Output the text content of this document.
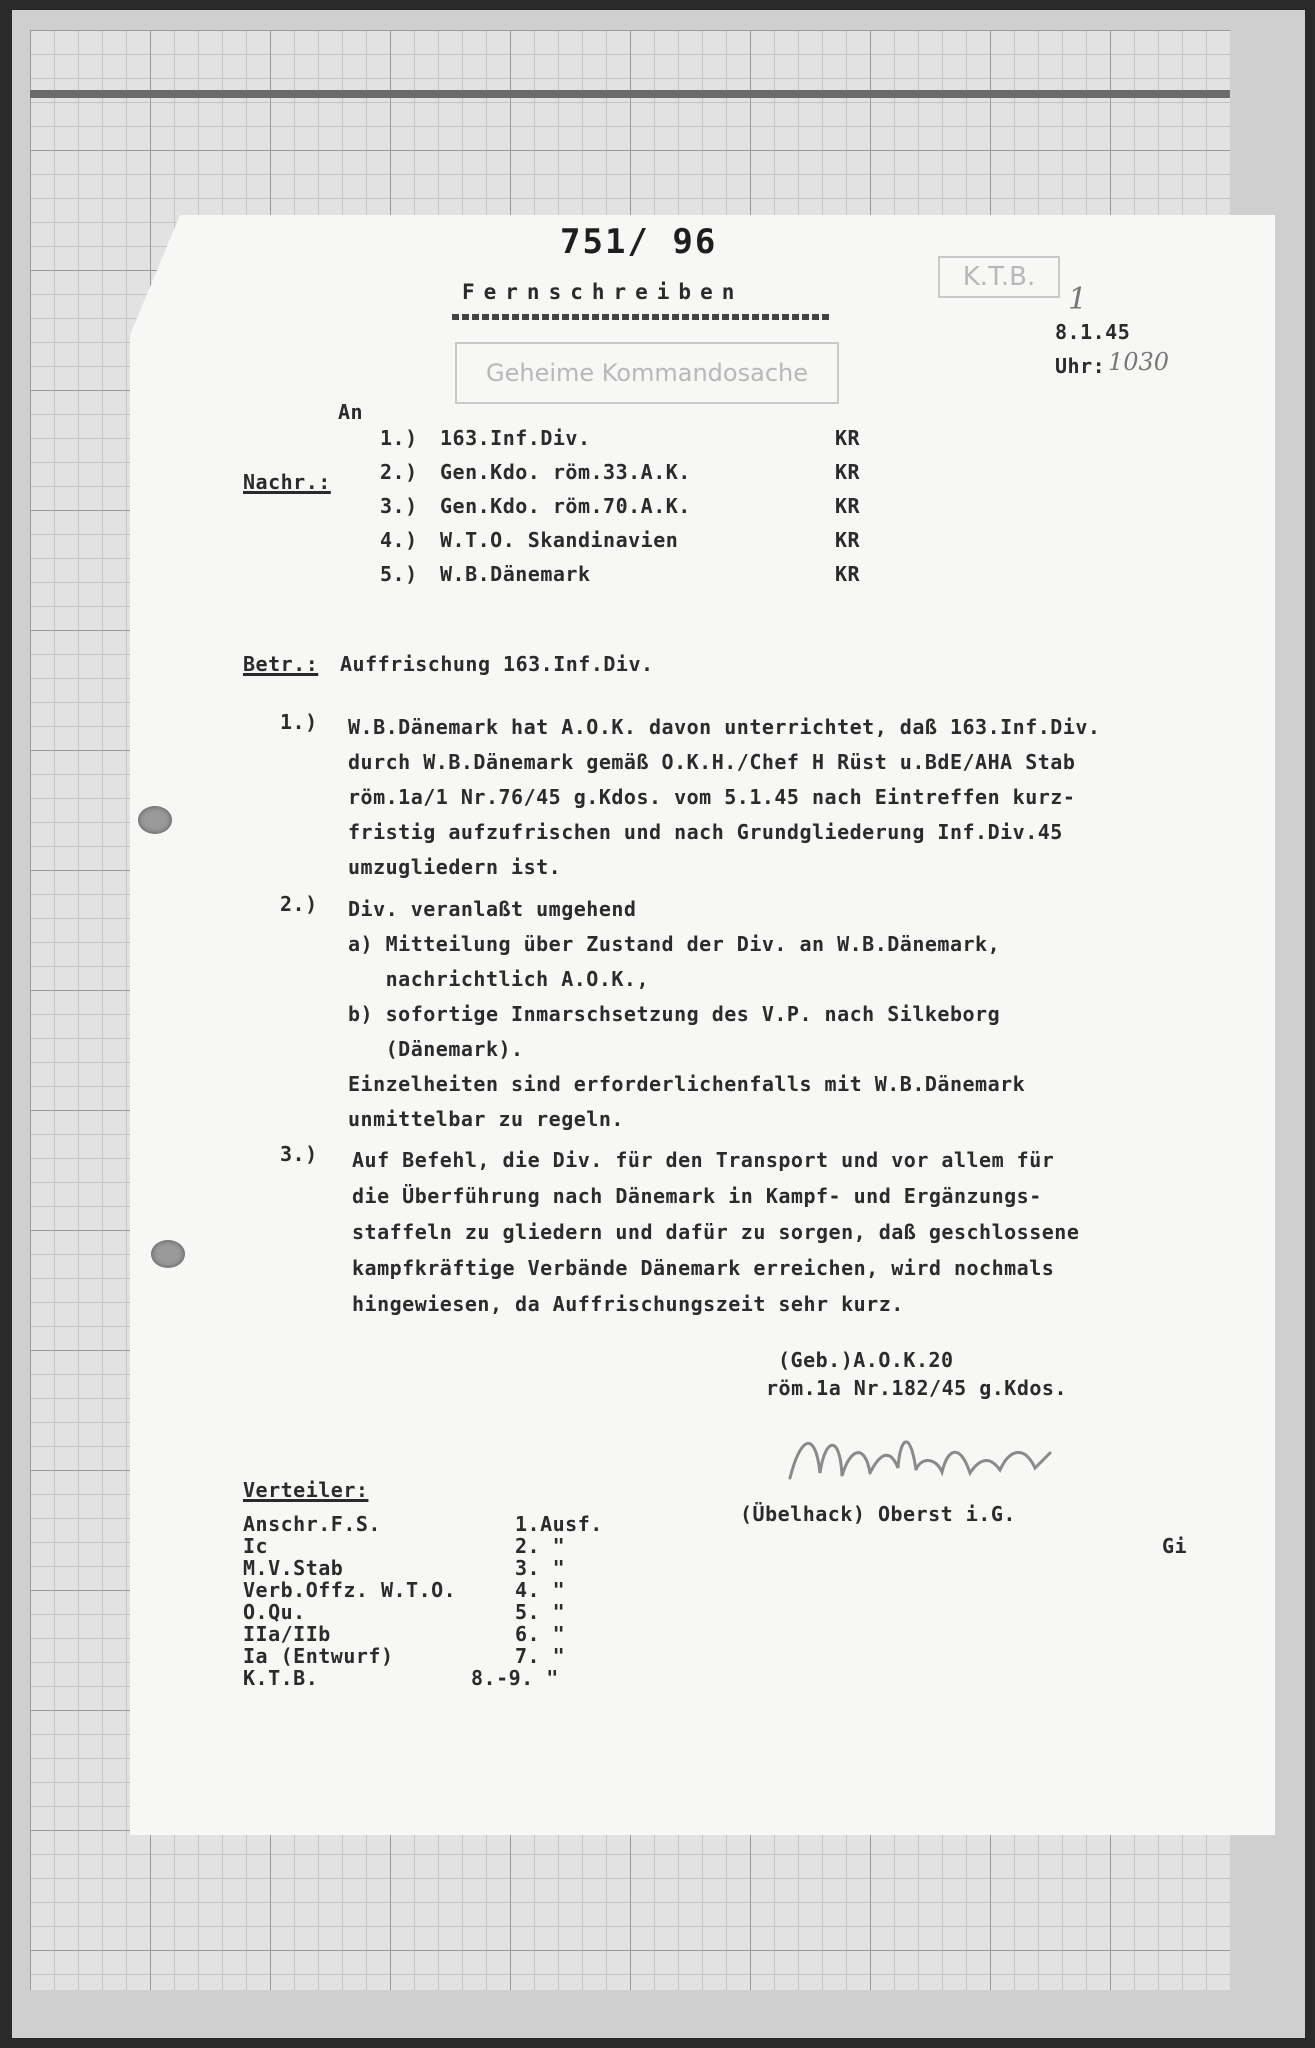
751/ 96
Fernschreiben	K.T.B.
Geheime Kommandosache
1
8.1.45
Uhr: 1030
An
Nachr.:
1.) 163.Inf.Div.	KR
2.) Gen.Kdo. röm.33.A.K.	KR
3.) Gen.Kdo. röm.70.A.K.	KR
4.) W.T.O. Skandinavien	KR
5.) W.B.Dänemark	KR
Betr.: Auffrischung 163.Inf.Div.
1.) W.B.Dänemark hat A.O.K. davon unterrichtet, daß 163.Inf.Div.
durch W.B.Dänemark gemäß O.K.H./Chef H Rüst u.BdE/AHA Stab
röm.1a/1 Nr.76/45 g.Kdos. vom 5.1.45 nach Eintreffen kurz-
fristig aufzufrischen und nach Grundgliederung Inf.Div.45
umzugliedern ist.
2.) Div. veranlaßt umgehend
a) Mitteilung über Zustand der Div. an W.B.Dänemark,
nachrichtlich A.O.K.,
b) sofortige Inmarschsetzung des V.P. nach Silkeborg
(Dänemark).
Einzelheiten sind erforderlichenfalls mit W.B.Dänemark
unmittelbar zu regeln.
3.) Auf Befehl, die Div. für den Transport und vor allem für
die Überführung nach Dänemark in Kampf- und Ergänzungs-
staffeln zu gliedern und dafür zu sorgen, daß geschlossene
kampfkräftige Verbände Dänemark erreichen, wird nochmals
hingewiesen, da Auffrischungszeit sehr kurz.
(Geb.)A.O.K.20
röm.1a Nr.182/45 g.Kdos.
(Übelhack) Oberst i.G.
Gi
Verteiler:
Anschr.F.S.	1.Ausf.
Ic	2. "
M.V.Stab	3. "
Verb.Offz. W.T.O.	4. "
O.Qu.	5. "
IIa/IIb	6. "
Ia (Entwurf)	7. "
K.T.B.	8.-9. "
